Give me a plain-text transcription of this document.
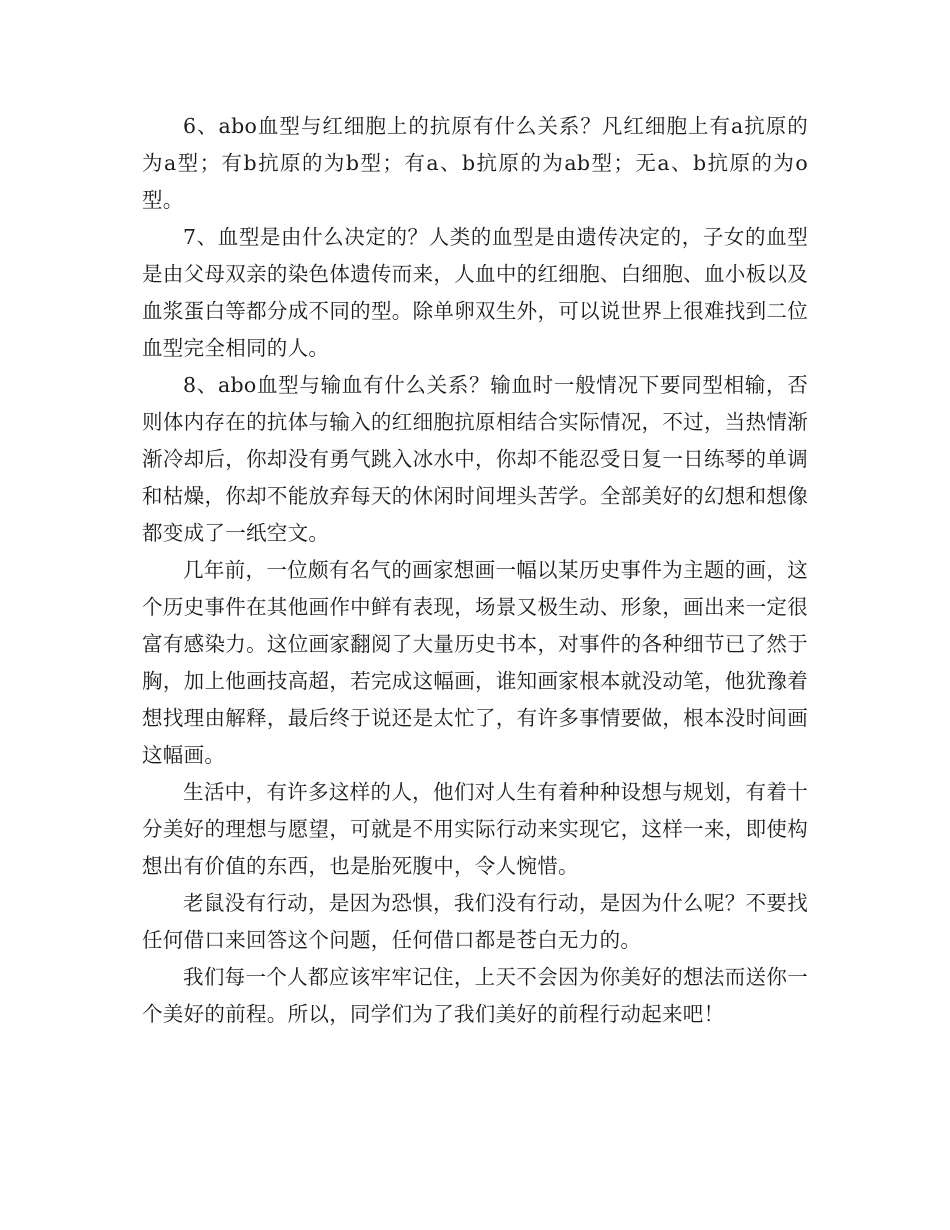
6、abo血型与红细胞上的抗原有什么关系？凡红细胞上有a抗原的为a型；有b抗原的为b型；有a、b抗原的为ab型；无a、b抗原的为o型。

7、血型是由什么决定的？人类的血型是由遗传决定的，子女的血型是由父母双亲的染色体遗传而来，人血中的红细胞、白细胞、血小板以及血浆蛋白等都分成不同的型。除单卵双生外，可以说世界上很难找到二位血型完全相同的人。

8、abo血型与输血有什么关系？输血时一般情况下要同型相输，否则体内存在的抗体与输入的红细胞抗原相结合实际情况，不过，当热情渐渐冷却后，你却没有勇气跳入冰水中，你却不能忍受日复一日练琴的单调和枯燥，你却不能放弃每天的休闲时间埋头苦学。全部美好的幻想和想像都变成了一纸空文。

几年前，一位颇有名气的画家想画一幅以某历史事件为主题的画，这个历史事件在其他画作中鲜有表现，场景又极生动、形象，画出来一定很富有感染力。这位画家翻阅了大量历史书本，对事件的各种细节已了然于胸，加上他画技高超，若完成这幅画，谁知画家根本就没动笔，他犹豫着想找理由解释，最后终于说还是太忙了，有许多事情要做，根本没时间画这幅画。

生活中，有许多这样的人，他们对人生有着种种设想与规划，有着十分美好的理想与愿望，可就是不用实际行动来实现它，这样一来，即使构想出有价值的东西，也是胎死腹中，令人惋惜。

老鼠没有行动，是因为恐惧，我们没有行动，是因为什么呢？不要找任何借口来回答这个问题，任何借口都是苍白无力的。

我们每一个人都应该牢牢记住，上天不会因为你美好的想法而送你一个美好的前程。所以，同学们为了我们美好的前程行动起来吧！
